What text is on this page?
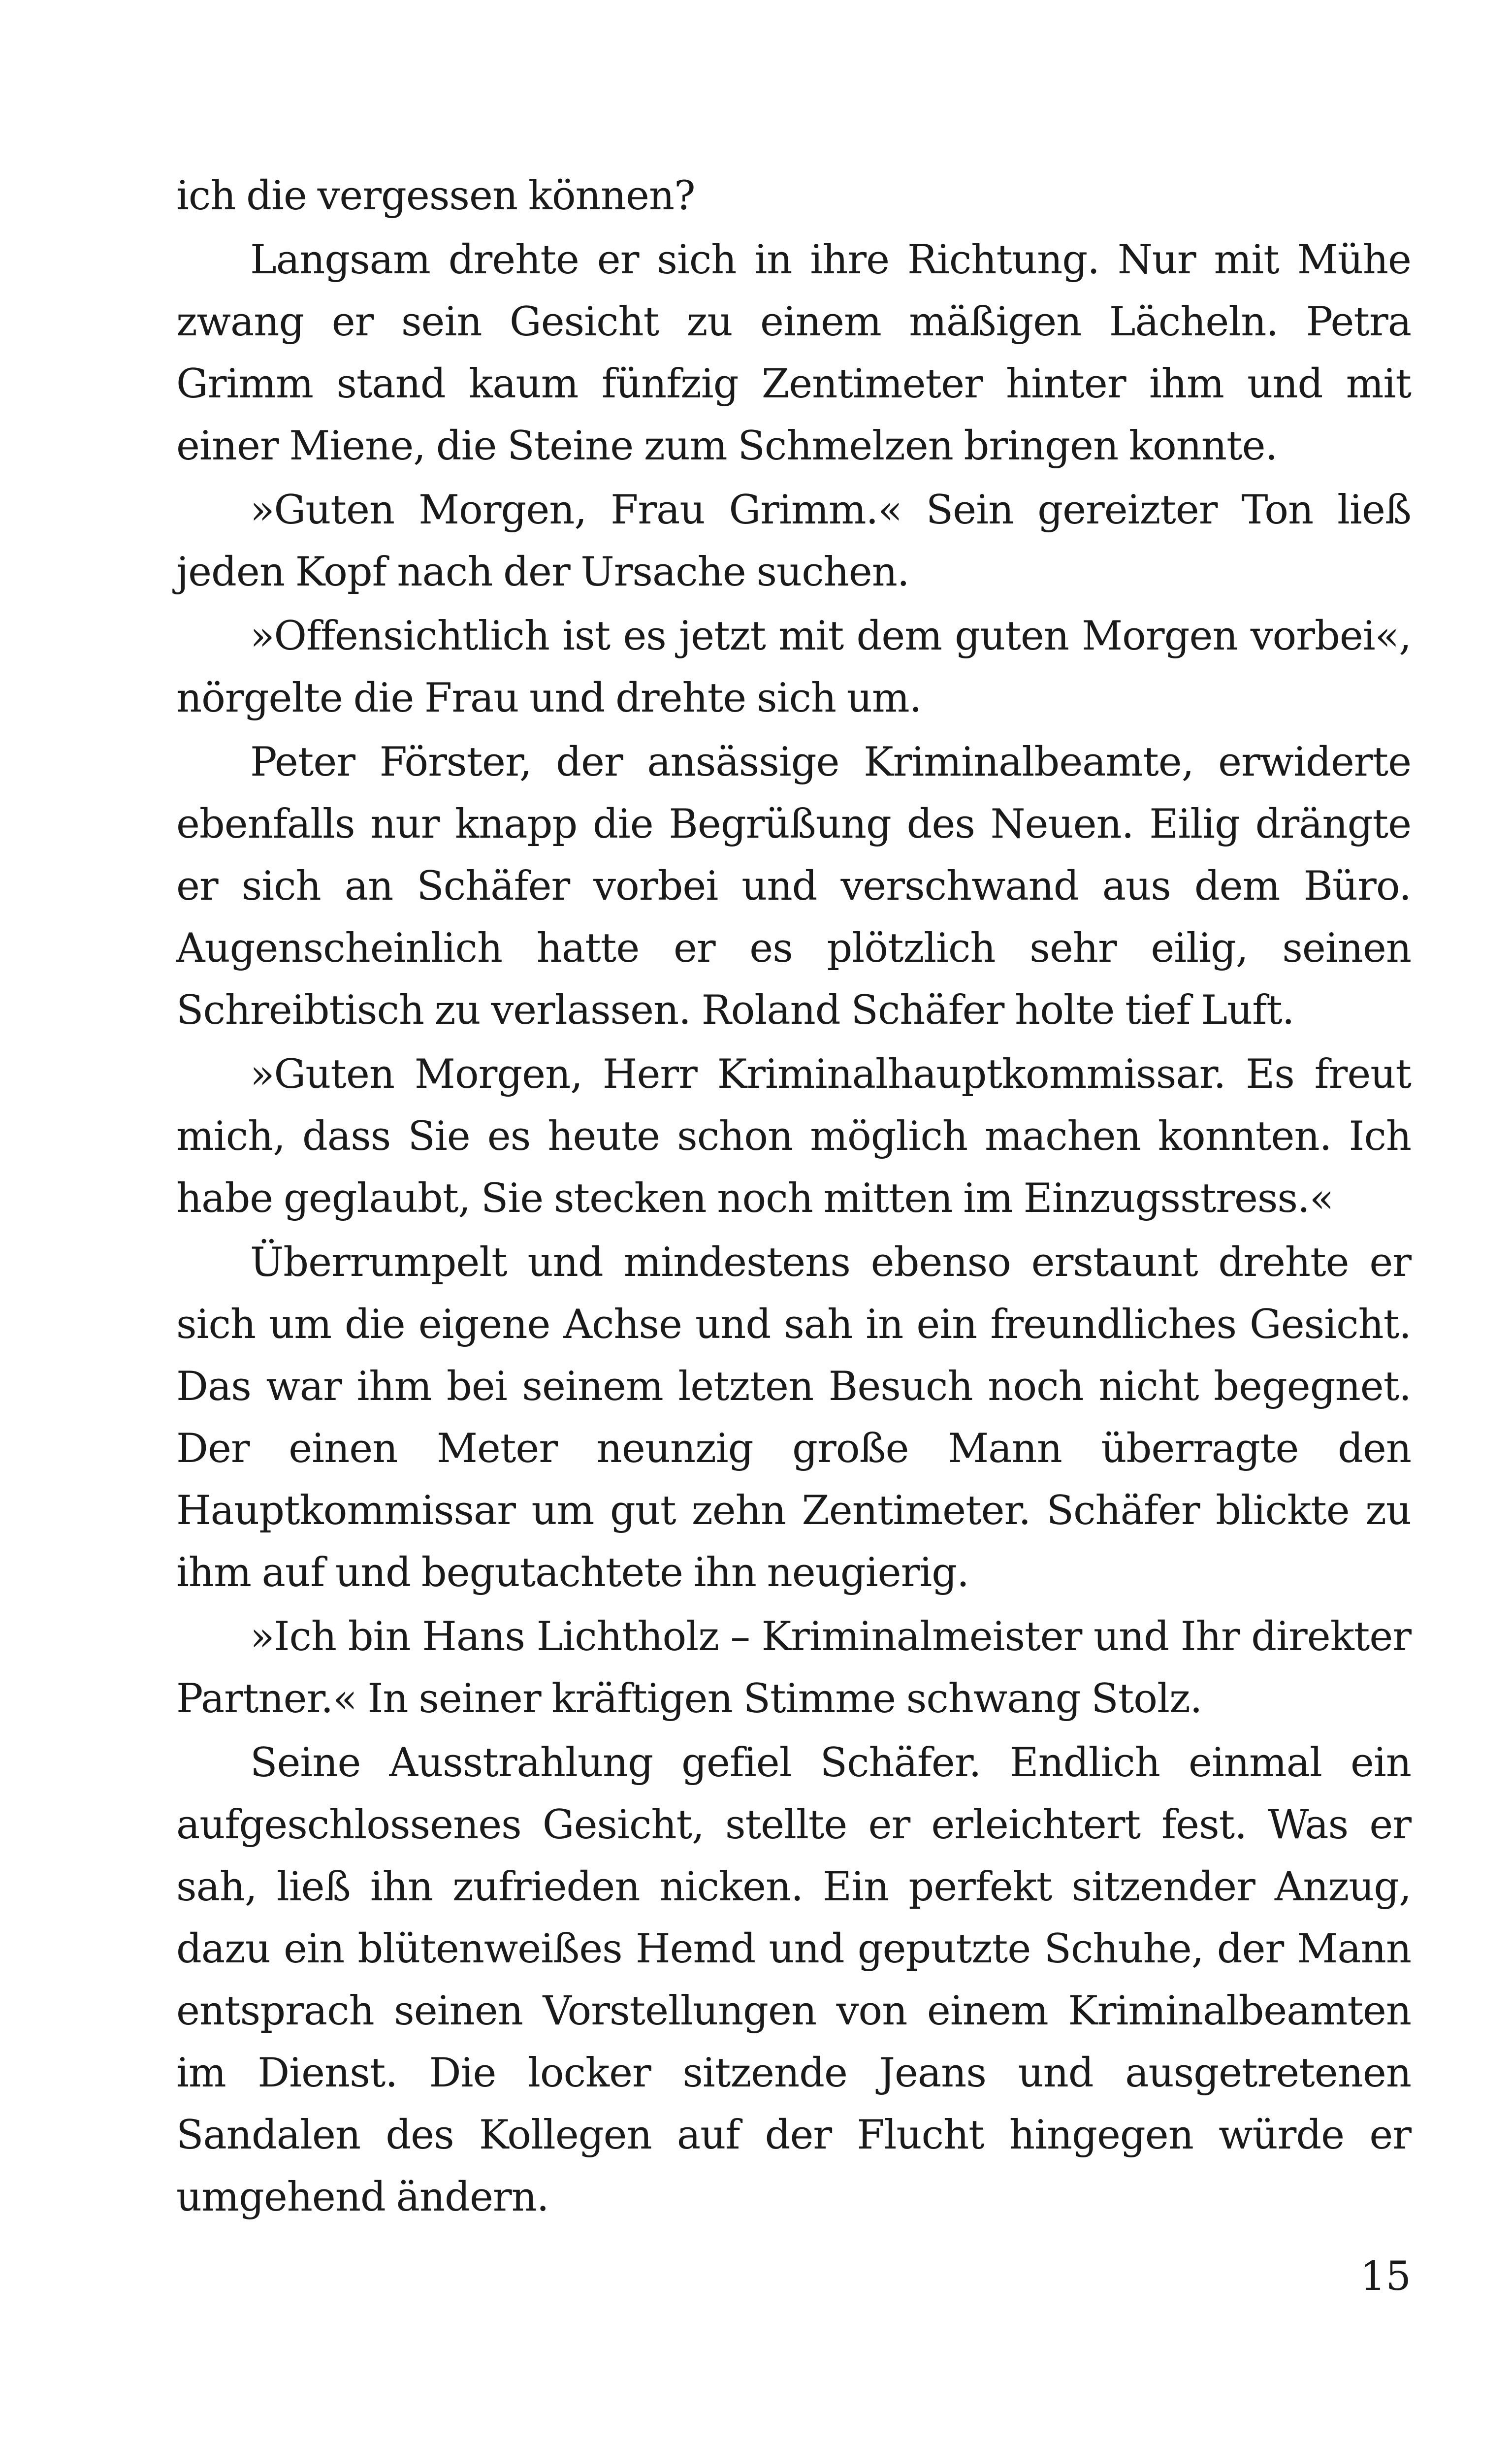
ich die vergessen können?

Langsam drehte er sich in ihre Richtung. Nur mit Mühe zwang er sein Gesicht zu einem mäßigen Lächeln. Petra Grimm stand kaum fünfzig Zentimeter hinter ihm und mit einer Miene, die Steine zum Schmelzen bringen konnte.

»Guten Morgen, Frau Grimm.« Sein gereizter Ton ließ jeden Kopf nach der Ursache suchen.

»Offensichtlich ist es jetzt mit dem guten Morgen vorbei«, nörgelte die Frau und drehte sich um.

Peter Förster, der ansässige Kriminalbeamte, erwiderte ebenfalls nur knapp die Begrüßung des Neuen. Eilig drängte er sich an Schäfer vorbei und verschwand aus dem Büro. Augenscheinlich hatte er es plötzlich sehr eilig, seinen Schreibtisch zu verlassen. Roland Schäfer holte tief Luft.

»Guten Morgen, Herr Kriminalhauptkommissar. Es freut mich, dass Sie es heute schon möglich machen konnten. Ich habe geglaubt, Sie stecken noch mitten im Einzugsstress.«

Überrumpelt und mindestens ebenso erstaunt drehte er sich um die eigene Achse und sah in ein freundliches Gesicht. Das war ihm bei seinem letzten Besuch noch nicht begegnet. Der einen Meter neunzig große Mann überragte den Hauptkommissar um gut zehn Zentimeter. Schäfer blickte zu ihm auf und begutachtete ihn neugierig.

»Ich bin Hans Lichtholz – Kriminalmeister und Ihr direkter Partner.« In seiner kräftigen Stimme schwang Stolz.

Seine Ausstrahlung gefiel Schäfer. Endlich einmal ein aufgeschlossenes Gesicht, stellte er erleichtert fest. Was er sah, ließ ihn zufrieden nicken. Ein perfekt sitzender Anzug, dazu ein blütenweißes Hemd und geputzte Schuhe, der Mann entsprach seinen Vorstellungen von einem Kriminalbeamten im Dienst. Die locker sitzende Jeans und ausgetretenen Sandalen des Kollegen auf der Flucht hingegen würde er umgehend ändern.

15
